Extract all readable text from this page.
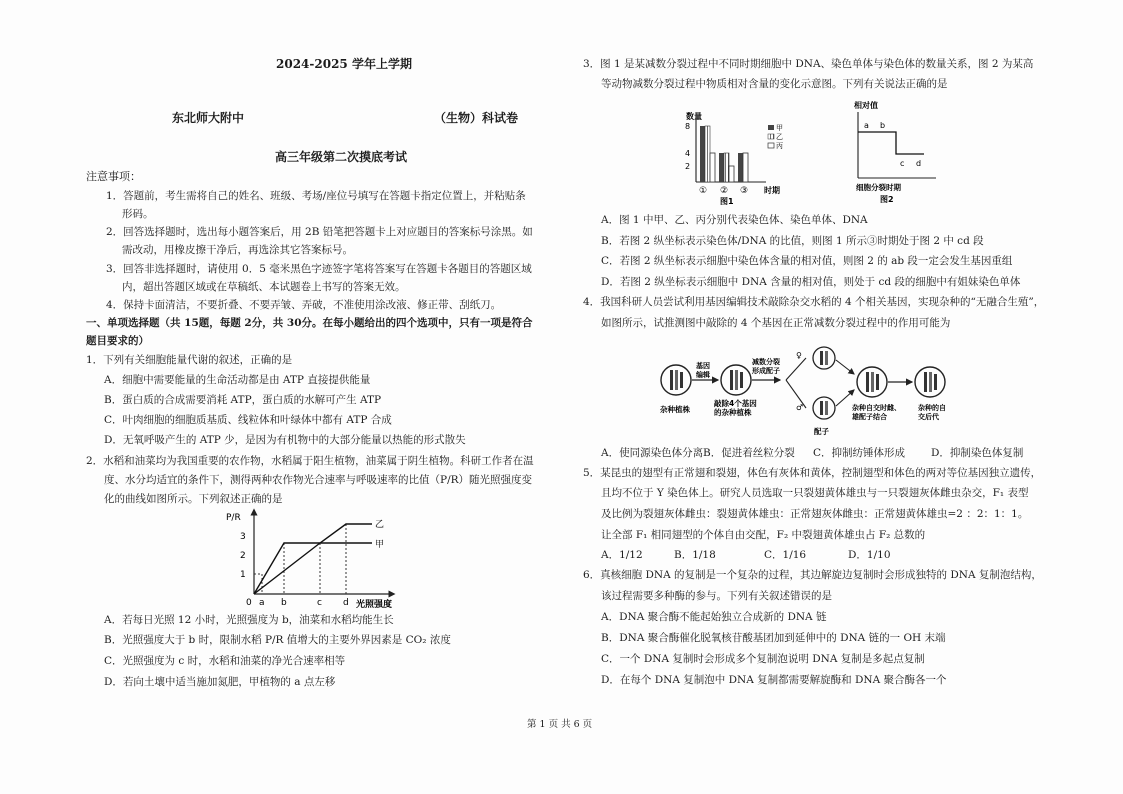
2024-2025 学年上学期
东北师大附中	（生物）科试卷
高三年级第二次摸底考试
注意事项：
1．答题前，考生需将自己的姓名、班级、考场/座位号填写在答题卡指定位置上，并粘贴条
形码。
2．回答选择题时，选出每小题答案后，用 2B 铅笔把答题卡上对应题目的答案标号涂黑。如
需改动，用橡皮擦干净后，再选涂其它答案标号。
3．回答非选择题时，请使用 0．5 毫米黑色字迹签字笔将答案写在答题卡各题目的答题区域
内，超出答题区域或在草稿纸、本试题卷上书写的答案无效。
4．保持卡面清洁，不要折叠、不要弄皱、弄破，不准使用涂改液、修正带、刮纸刀。
一、单项选择题（共 15题，每题 2分，共 30分。在每小题给出的四个选项中，只有一项是符合
题目要求的）
1．下列有关细胞能量代谢的叙述，正确的是
A．细胞中需要能量的生命活动都是由 ATP 直接提供能量
B．蛋白质的合成需要消耗 ATP，蛋白质的水解可产生 ATP
C．叶肉细胞的细胞质基质、线粒体和叶绿体中都有 ATP 合成
D．无氧呼吸产生的 ATP 少，是因为有机物中的大部分能量以热能的形式散失
2．水稻和油菜均为我国重要的农作物，水稻属于阳生植物，油菜属于阴生植物。科研工作者在温
度、水分均适宜的条件下，测得两种农作物光合速率与呼吸速率的比值（P/R）随光照强度变
化的曲线如图所示。下列叙述正确的是
P/R
1
2
3
0
乙
甲
a b	c d 光照强度
A．若每日光照 12 小时，光照强度为 b，油菜和水稻均能生长
B．光照强度大于 b 时，限制水稻 P/R 值增大的主要外界因素是 CO₂ 浓度
C．光照强度为 c 时，水稻和油菜的净光合速率相等
D．若向土壤中适当施加氮肥，甲植物的 a 点左移
3．图 1 是某减数分裂过程中不同时期细胞中 DNA、染色单体与染色体的数量关系，图 2 为某高
等动物减数分裂过程中物质相对含量的变化示意图。下列有关说法正确的是
数量
8
4
2
① ② ③ 时期
图1
甲
乙
丙
相对值
a b
c d
细胞分裂时期
图2
A．图 1 中甲、乙、丙分别代表染色体、染色单体、DNA
B．若图 2 纵坐标表示染色体/DNA 的比值，则图 1 所示③时期处于图 2 中 cd 段
C．若图 2 纵坐标表示细胞中染色体含量的相对值，则图 2 的 ab 段一定会发生基因重组
D．若图 2 纵坐标表示细胞中 DNA 含量的相对值，则处于 cd 段的细胞中有姐妹染色单体
4．我国科研人员尝试利用基因编辑技术敲除杂交水稻的 4 个相关基因，实现杂种的“无融合生殖”，
如图所示，试推测图中敲除的 4 个基因在正常减数分裂过程中的作用可能为
杂种植株
基因编辑
敲除4个基因的杂种植株
减数分裂形成配子
♀
♂
配子
杂种自交时雌、雄配子结合
杂种的自交后代
A．使同源染色体分离 B．促进着丝粒分裂 C．抑制纺锤体形成 D．抑制染色体复制
5．某昆虫的翅型有正常翅和裂翅，体色有灰体和黄体，控制翅型和体色的两对等位基因独立遗传，
且均不位于 Y 染色体上。研究人员选取一只裂翅黄体雄虫与一只裂翅灰体雌虫杂交，F₁ 表型
及比例为裂翅灰体雌虫：裂翅黄体雄虫：正常翅灰体雌虫：正常翅黄体雄虫=2 ：2：1：1。
让全部 F₁ 相同翅型的个体自由交配，F₂ 中裂翅黄体雄虫占 F₂ 总数的
A．1/12	B．1/18	C．1/16	D．1/10
6．真核细胞 DNA 的复制是一个复杂的过程，其边解旋边复制时会形成独特的 DNA 复制泡结构，
该过程需要多种酶的参与。下列有关叙述错误的是
A．DNA 聚合酶不能起始独立合成新的 DNA 链
B．DNA 聚合酶催化脱氧核苷酸基团加到延伸中的 DNA 链的一 OH 末端
C．一个 DNA 复制时会形成多个复制泡说明 DNA 复制是多起点复制
D．在每个 DNA 复制泡中 DNA 复制都需要解旋酶和 DNA 聚合酶各一个
第 1 页 共 6 页
